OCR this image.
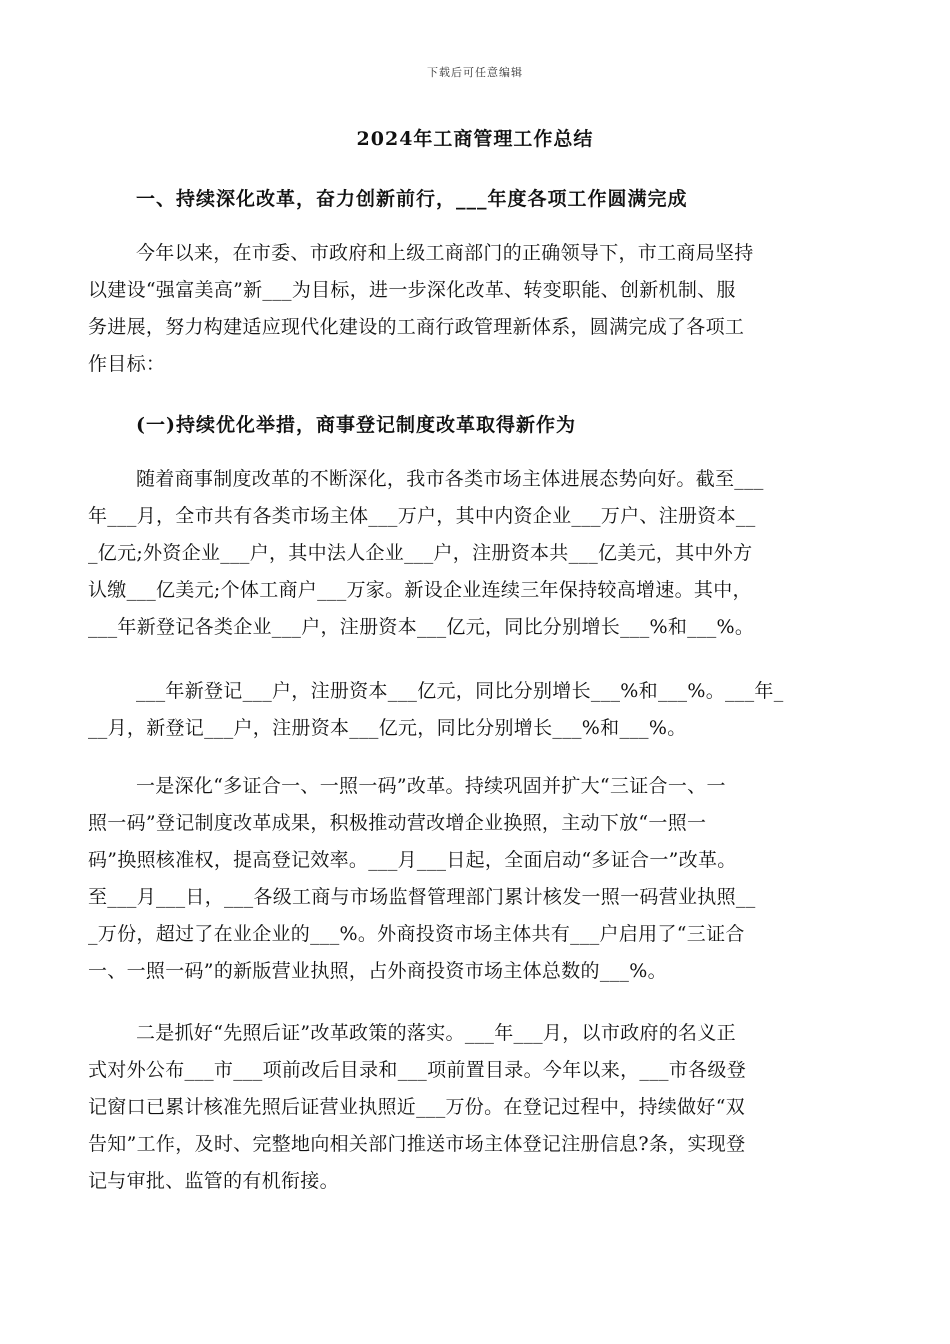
下载后可任意编辑
2024年工商管理工作总结
一、持续深化改革，奋力创新前行，___年度各项工作圆满完成
今年以来，在市委、市政府和上级工商部门的正确领导下，市工商局坚持
以建设“强富美高”新___为目标，进一步深化改革、转变职能、创新机制、服
务进展，努力构建适应现代化建设的工商行政管理新体系，圆满完成了各项工
作目标：
(一)持续优化举措，商事登记制度改革取得新作为
随着商事制度改革的不断深化，我市各类市场主体进展态势向好。截至___
年___月，全市共有各类市场主体___万户，其中内资企业___万户、注册资本__
_亿元;外资企业___户，其中法人企业___户，注册资本共___亿美元，其中外方
认缴___亿美元;个体工商户___万家。新设企业连续三年保持较高增速。其中，
___年新登记各类企业___户，注册资本___亿元，同比分别增长___%和___%。
___年新登记___户，注册资本___亿元，同比分别增长___%和___%。___年_
__月，新登记___户，注册资本___亿元，同比分别增长___%和___%。
一是深化“多证合一、一照一码”改革。持续巩固并扩大“三证合一、一
照一码”登记制度改革成果，积极推动营改增企业换照，主动下放“一照一
码”换照核准权，提高登记效率。___月___日起，全面启动“多证合一”改革。
至___月___日，___各级工商与市场监督管理部门累计核发一照一码营业执照__
_万份，超过了在业企业的___%。外商投资市场主体共有___户启用了“三证合
一、一照一码”的新版营业执照，占外商投资市场主体总数的___%。
二是抓好“先照后证”改革政策的落实。___年___月，以市政府的名义正
式对外公布___市___项前改后目录和___项前置目录。今年以来，___市各级登
记窗口已累计核准先照后证营业执照近___万份。在登记过程中，持续做好“双
告知”工作，及时、完整地向相关部门推送市场主体登记注册信息?条，实现登
记与审批、监管的有机衔接。
